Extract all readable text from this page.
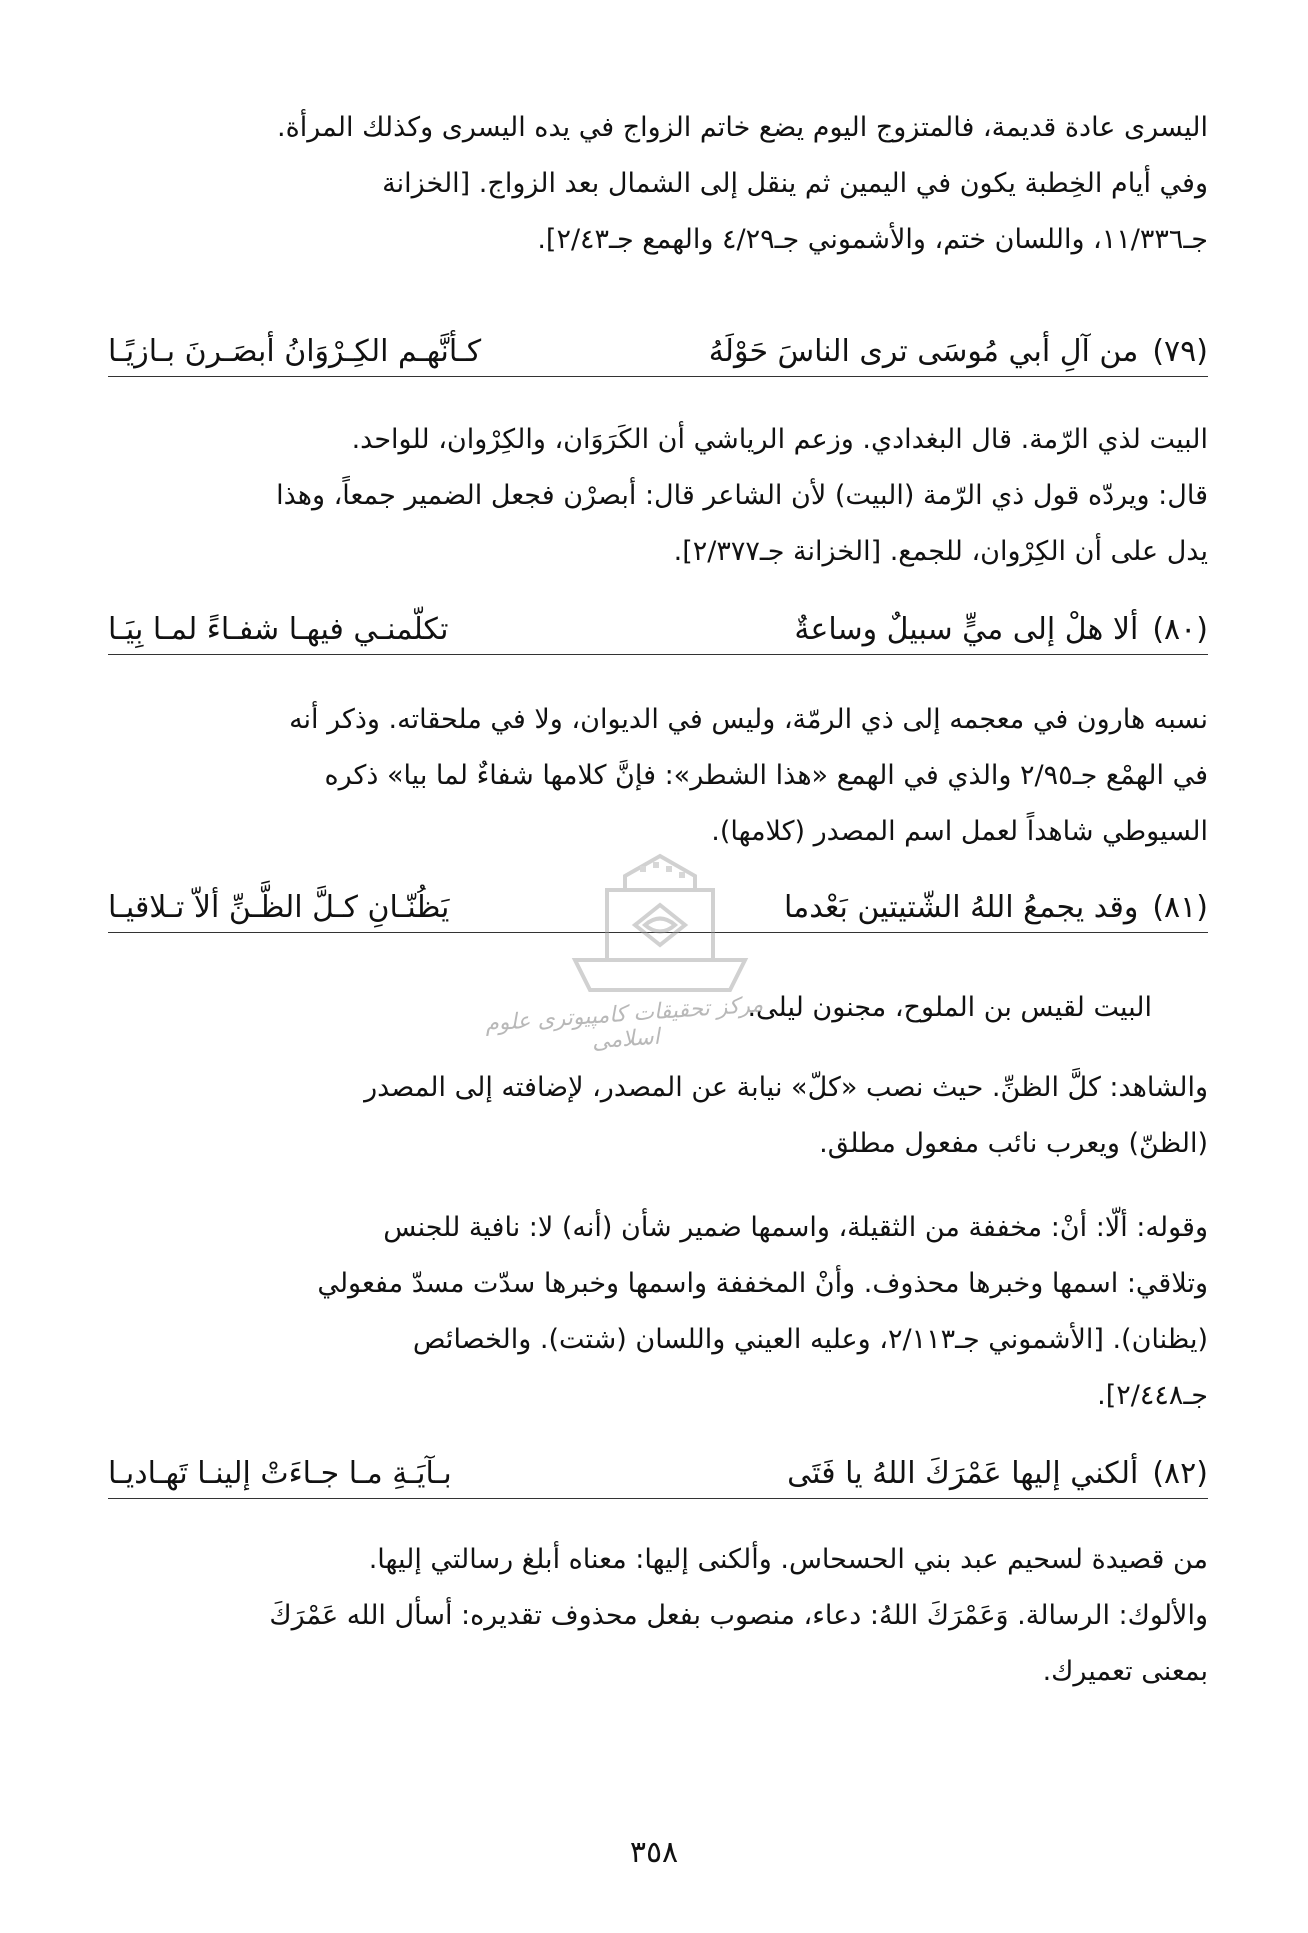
اليسرى عادة قديمة، فالمتزوج اليوم يضع خاتم الزواج في يده اليسرى وكذلك المرأة.

وفي أيام الخِطبة يكون في اليمين ثم ينقل إلى الشمال بعد الزواج. [الخزانة

جـ١١/٣٣٦، واللسان ختم، والأشموني جـ٤/٢٩ والهمع جـ٢/٤٣].

(٧٩)
من آلِ أبي مُوسَى ترى الناسَ حَوْلَهُ
كـأنَّهـم الكِـرْوَانُ أبصَـرنَ بـازيًـا

البيت لذي الرّمة. قال البغدادي. وزعم الرياشي أن الكَرَوَان، والكِرْوان، للواحد.

قال: ويردّه قول ذي الرّمة (البيت) لأن الشاعر قال: أبصرْن فجعل الضمير جمعاً، وهذا

يدل على أن الكِرْوان، للجمع. [الخزانة جـ٢/٣٧٧].

(٨٠)
ألا هلْ إلى ميٍّ سبيلٌ وساعةٌ
تكلّمنـي فيهـا شفـاءً لمـا بِيَـا

نسبه هارون في معجمه إلى ذي الرمّة، وليس في الديوان، ولا في ملحقاته. وذكر أنه

في الهمْع جـ٢/٩٥ والذي في الهمع «هذا الشطر»: فإنَّ كلامها شفاءٌ لما بيا» ذكره

السيوطي شاهداً لعمل اسم المصدر (كلامها).

(٨١)
وقد يجمعُ اللهُ الشّتيتين بَعْدما
يَظُنّـانِ كـلَّ الظَّـنِّ ألاّ تـلاقيـا

البيت لقيس بن الملوح، مجنون ليلى.

والشاهد: كلَّ الظنِّ. حيث نصب «كلّ» نيابة عن المصدر، لإضافته إلى المصدر

(الظنّ) ويعرب نائب مفعول مطلق.

وقوله: ألّا: أنْ: مخففة من الثقيلة، واسمها ضمير شأن (أنه) لا: نافية للجنس

وتلاقي: اسمها وخبرها محذوف. وأنْ المخففة واسمها وخبرها سدّت مسدّ مفعولي

(يظنان). [الأشموني جـ٢/١١٣، وعليه العيني واللسان (شتت). والخصائص

جـ٢/٤٤٨].

(٨٢)
ألكني إليها عَمْرَكَ اللهُ يا فَتَى
بـآيَـةِ مـا جـاءَتْ إلينـا تَهـاديـا

من قصيدة لسحيم عبد بني الحسحاس. وألكنى إليها: معناه أبلغ رسالتي إليها.

والألوك: الرسالة. وَعَمْرَكَ اللهُ: دعاء، منصوب بفعل محذوف تقديره: أسأل الله عَمْرَكَ

بمعنى تعميرك.

مرکز تحقیقات کامپیوتری علوم اسلامی
٣٥٨
